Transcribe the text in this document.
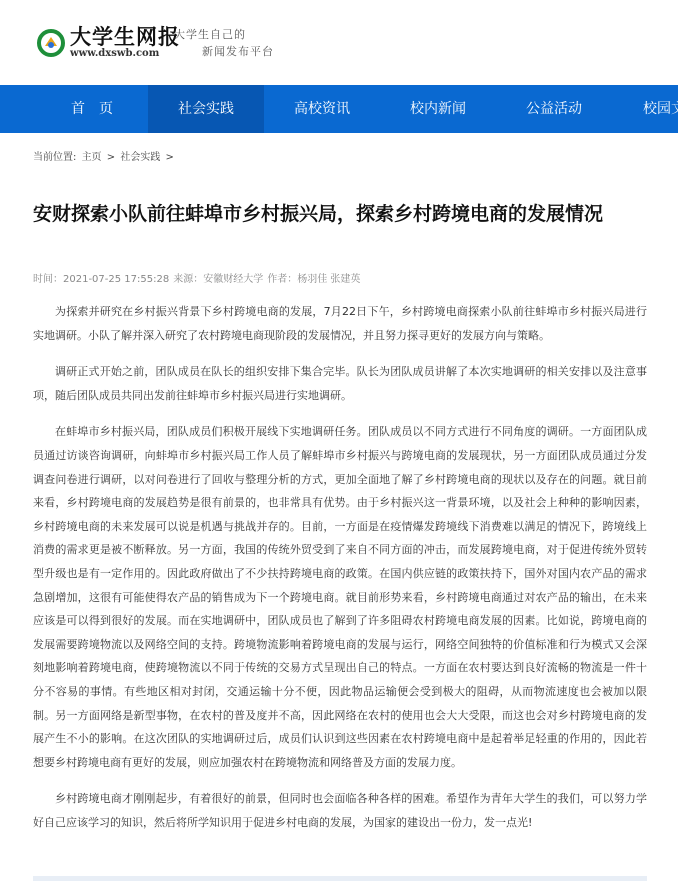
大学生网报
www.dxswb.com
大学生自己的
新闻发布平台
首　页	社会实践	高校资讯	校内新闻	公益活动	校园文
当前位置: 主页 > 社会实践 >
安财探索小队前往蚌埠市乡村振兴局，探索乡村跨境电商的发展情况
时间：2021-07-25 17:55:28 来源：安徽财经大学 作者：杨羽佳 张建英

为探索并研究在乡村振兴背景下乡村跨境电商的发展，7月22日下午，乡村跨境电商探索小队前往蚌埠市乡村振兴局进行实地调研。小队了解并深入研究了农村跨境电商现阶段的发展情况，并且努力探寻更好的发展方向与策略。

调研正式开始之前，团队成员在队长的组织安排下集合完毕。队长为团队成员讲解了本次实地调研的相关安排以及注意事项，随后团队成员共同出发前往蚌埠市乡村振兴局进行实地调研。

在蚌埠市乡村振兴局，团队成员们积极开展线下实地调研任务。团队成员以不同方式进行不同角度的调研。一方面团队成员通过访谈咨询调研，向蚌埠市乡村振兴局工作人员了解蚌埠市乡村振兴与跨境电商的发展现状，另一方面团队成员通过分发调查问卷进行调研，以对问卷进行了回收与整理分析的方式，更加全面地了解了乡村跨境电商的现状以及存在的问题。就目前来看，乡村跨境电商的发展趋势是很有前景的，也非常具有优势。由于乡村振兴这一背景环境，以及社会上种种的影响因素，乡村跨境电商的未来发展可以说是机遇与挑战并存的。目前，一方面是在疫情爆发跨境线下消费难以满足的情况下，跨境线上消费的需求更是被不断释放。另一方面，我国的传统外贸受到了来自不同方面的冲击，而发展跨境电商，对于促进传统外贸转型升级也是有一定作用的。因此政府做出了不少扶持跨境电商的政策。在国内供应链的政策扶持下，国外对国内农产品的需求急剧增加，这很有可能使得农产品的销售成为下一个跨境电商。就目前形势来看，乡村跨境电商通过对农产品的输出，在未来应该是可以得到很好的发展。而在实地调研中，团队成员也了解到了许多阻碍农村跨境电商发展的因素。比如说，跨境电商的发展需要跨境物流以及网络空间的支持。跨境物流影响着跨境电商的发展与运行，网络空间独特的价值标准和行为模式又会深刻地影响着跨境电商，使跨境物流以不同于传统的交易方式呈现出自己的特点。一方面在农村要达到良好流畅的物流是一件十分不容易的事情。有些地区相对封闭，交通运输十分不便，因此物品运输便会受到极大的阻碍，从而物流速度也会被加以限制。另一方面网络是新型事物，在农村的普及度并不高，因此网络在农村的使用也会大大受限，而这也会对乡村跨境电商的发展产生不小的影响。在这次团队的实地调研过后，成员们认识到这些因素在农村跨境电商中是起着举足轻重的作用的，因此若想要乡村跨境电商有更好的发展，则应加强农村在跨境物流和网络普及方面的发展力度。

乡村跨境电商才刚刚起步，有着很好的前景，但同时也会面临各种各样的困难。希望作为青年大学生的我们，可以努力学好自己应该学习的知识，然后将所学知识用于促进乡村电商的发展，为国家的建设出一份力，发一点光!
